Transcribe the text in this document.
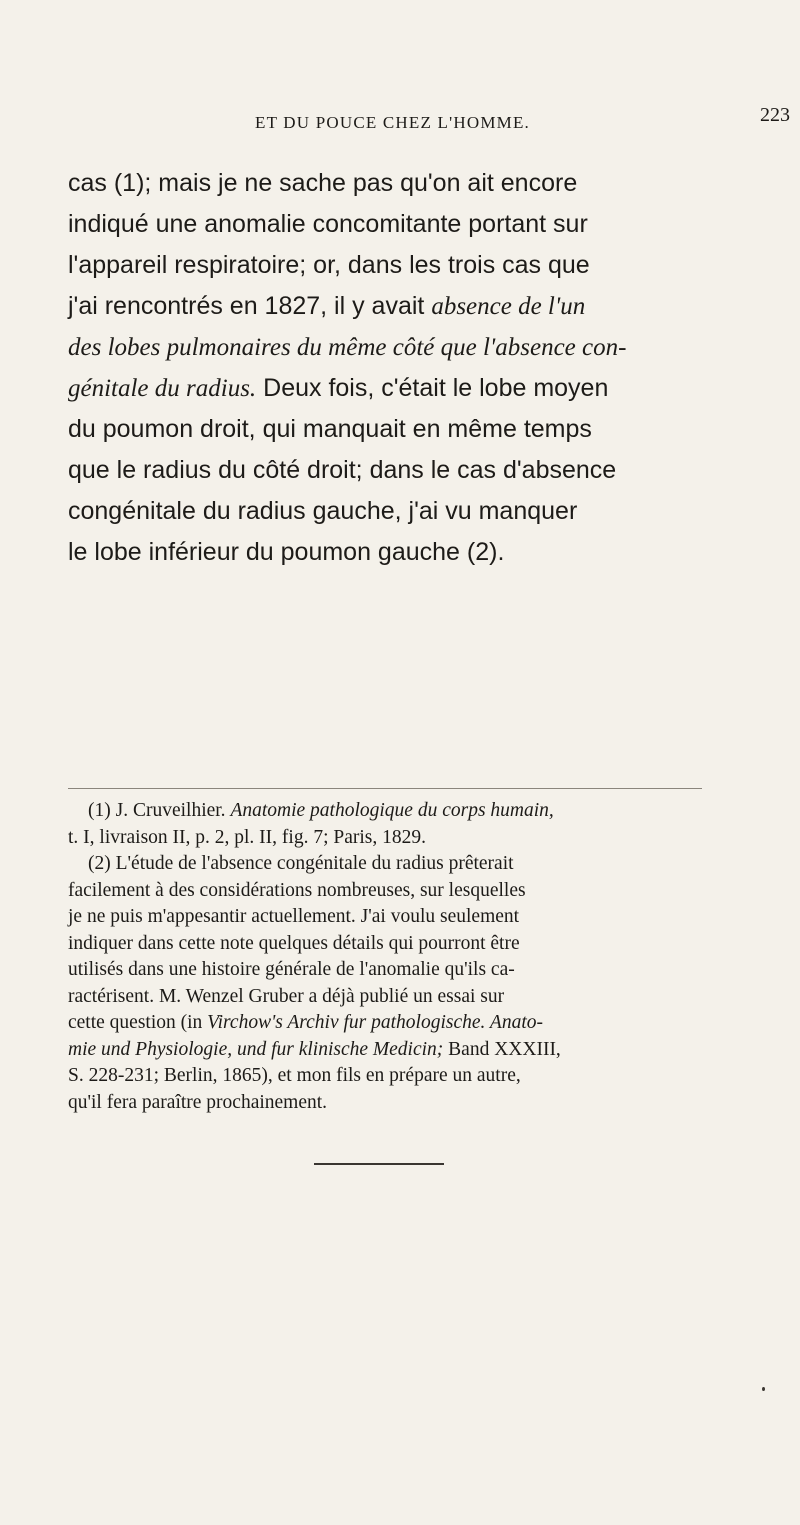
ET DU POUCE CHEZ L'HOMME.	223
cas (1); mais je ne sache pas qu'on ait encore
indiqué une anomalie concomitante portant sur
l'appareil respiratoire; or, dans les trois cas que
j'ai rencontrés en 1827, il y avait absence de l'un
des lobes pulmonaires du même côté que l'absence con-
génitale du radius. Deux fois, c'était le lobe moyen
du poumon droit, qui manquait en même temps
que le radius du côté droit; dans le cas d'absence
congénitale du radius gauche, j'ai vu manquer
le lobe inférieur du poumon gauche (2).
(1) J. Cruveilhier. Anatomie pathologique du corps humain,
t. I, livraison II, p. 2, pl. II, fig. 7; Paris, 1829.
(2) L'étude de l'absence congénitale du radius prêterait
facilement à des considérations nombreuses, sur lesquelles
je ne puis m'appesantir actuellement. J'ai voulu seulement
indiquer dans cette note quelques détails qui pourront être
utilisés dans une histoire générale de l'anomalie qu'ils ca-
ractérisent. M. Wenzel Gruber a déjà publié un essai sur
cette question (in Virchow's Archiv fur pathologische. Anato-
mie und Physiologie, und fur klinische Medicin; Band XXXIII,
S. 228-231; Berlin, 1865), et mon fils en prépare un autre,
qu'il fera paraître prochainement.
